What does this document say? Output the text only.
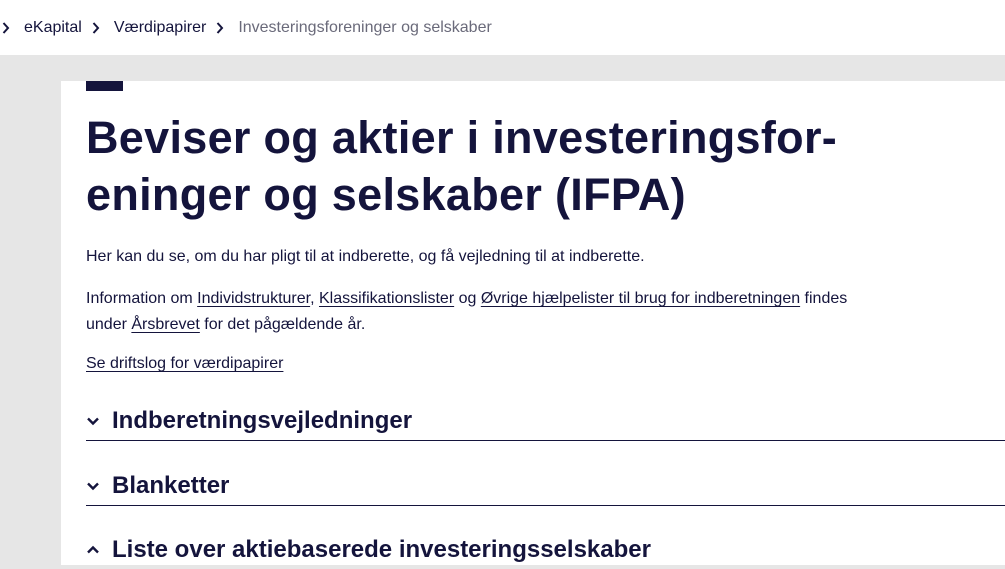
eKapital Værdipapirer Investeringsforeninger og selskaber
Beviser og aktier i investeringsfor-eninger og selskaber (IFPA)

Her kan du se, om du har pligt til at indberette, og få vejledning til at indberette.

Information om Individstrukturer, Klassifikationslister og Øvrige hjælpelister til brug for indberetningen findes under Årsbrevet for det pågældende år.

Se driftslog for værdipapirer
Indberetningsvejledninger
Blanketter
Liste over aktiebaserede investeringsselskaber
